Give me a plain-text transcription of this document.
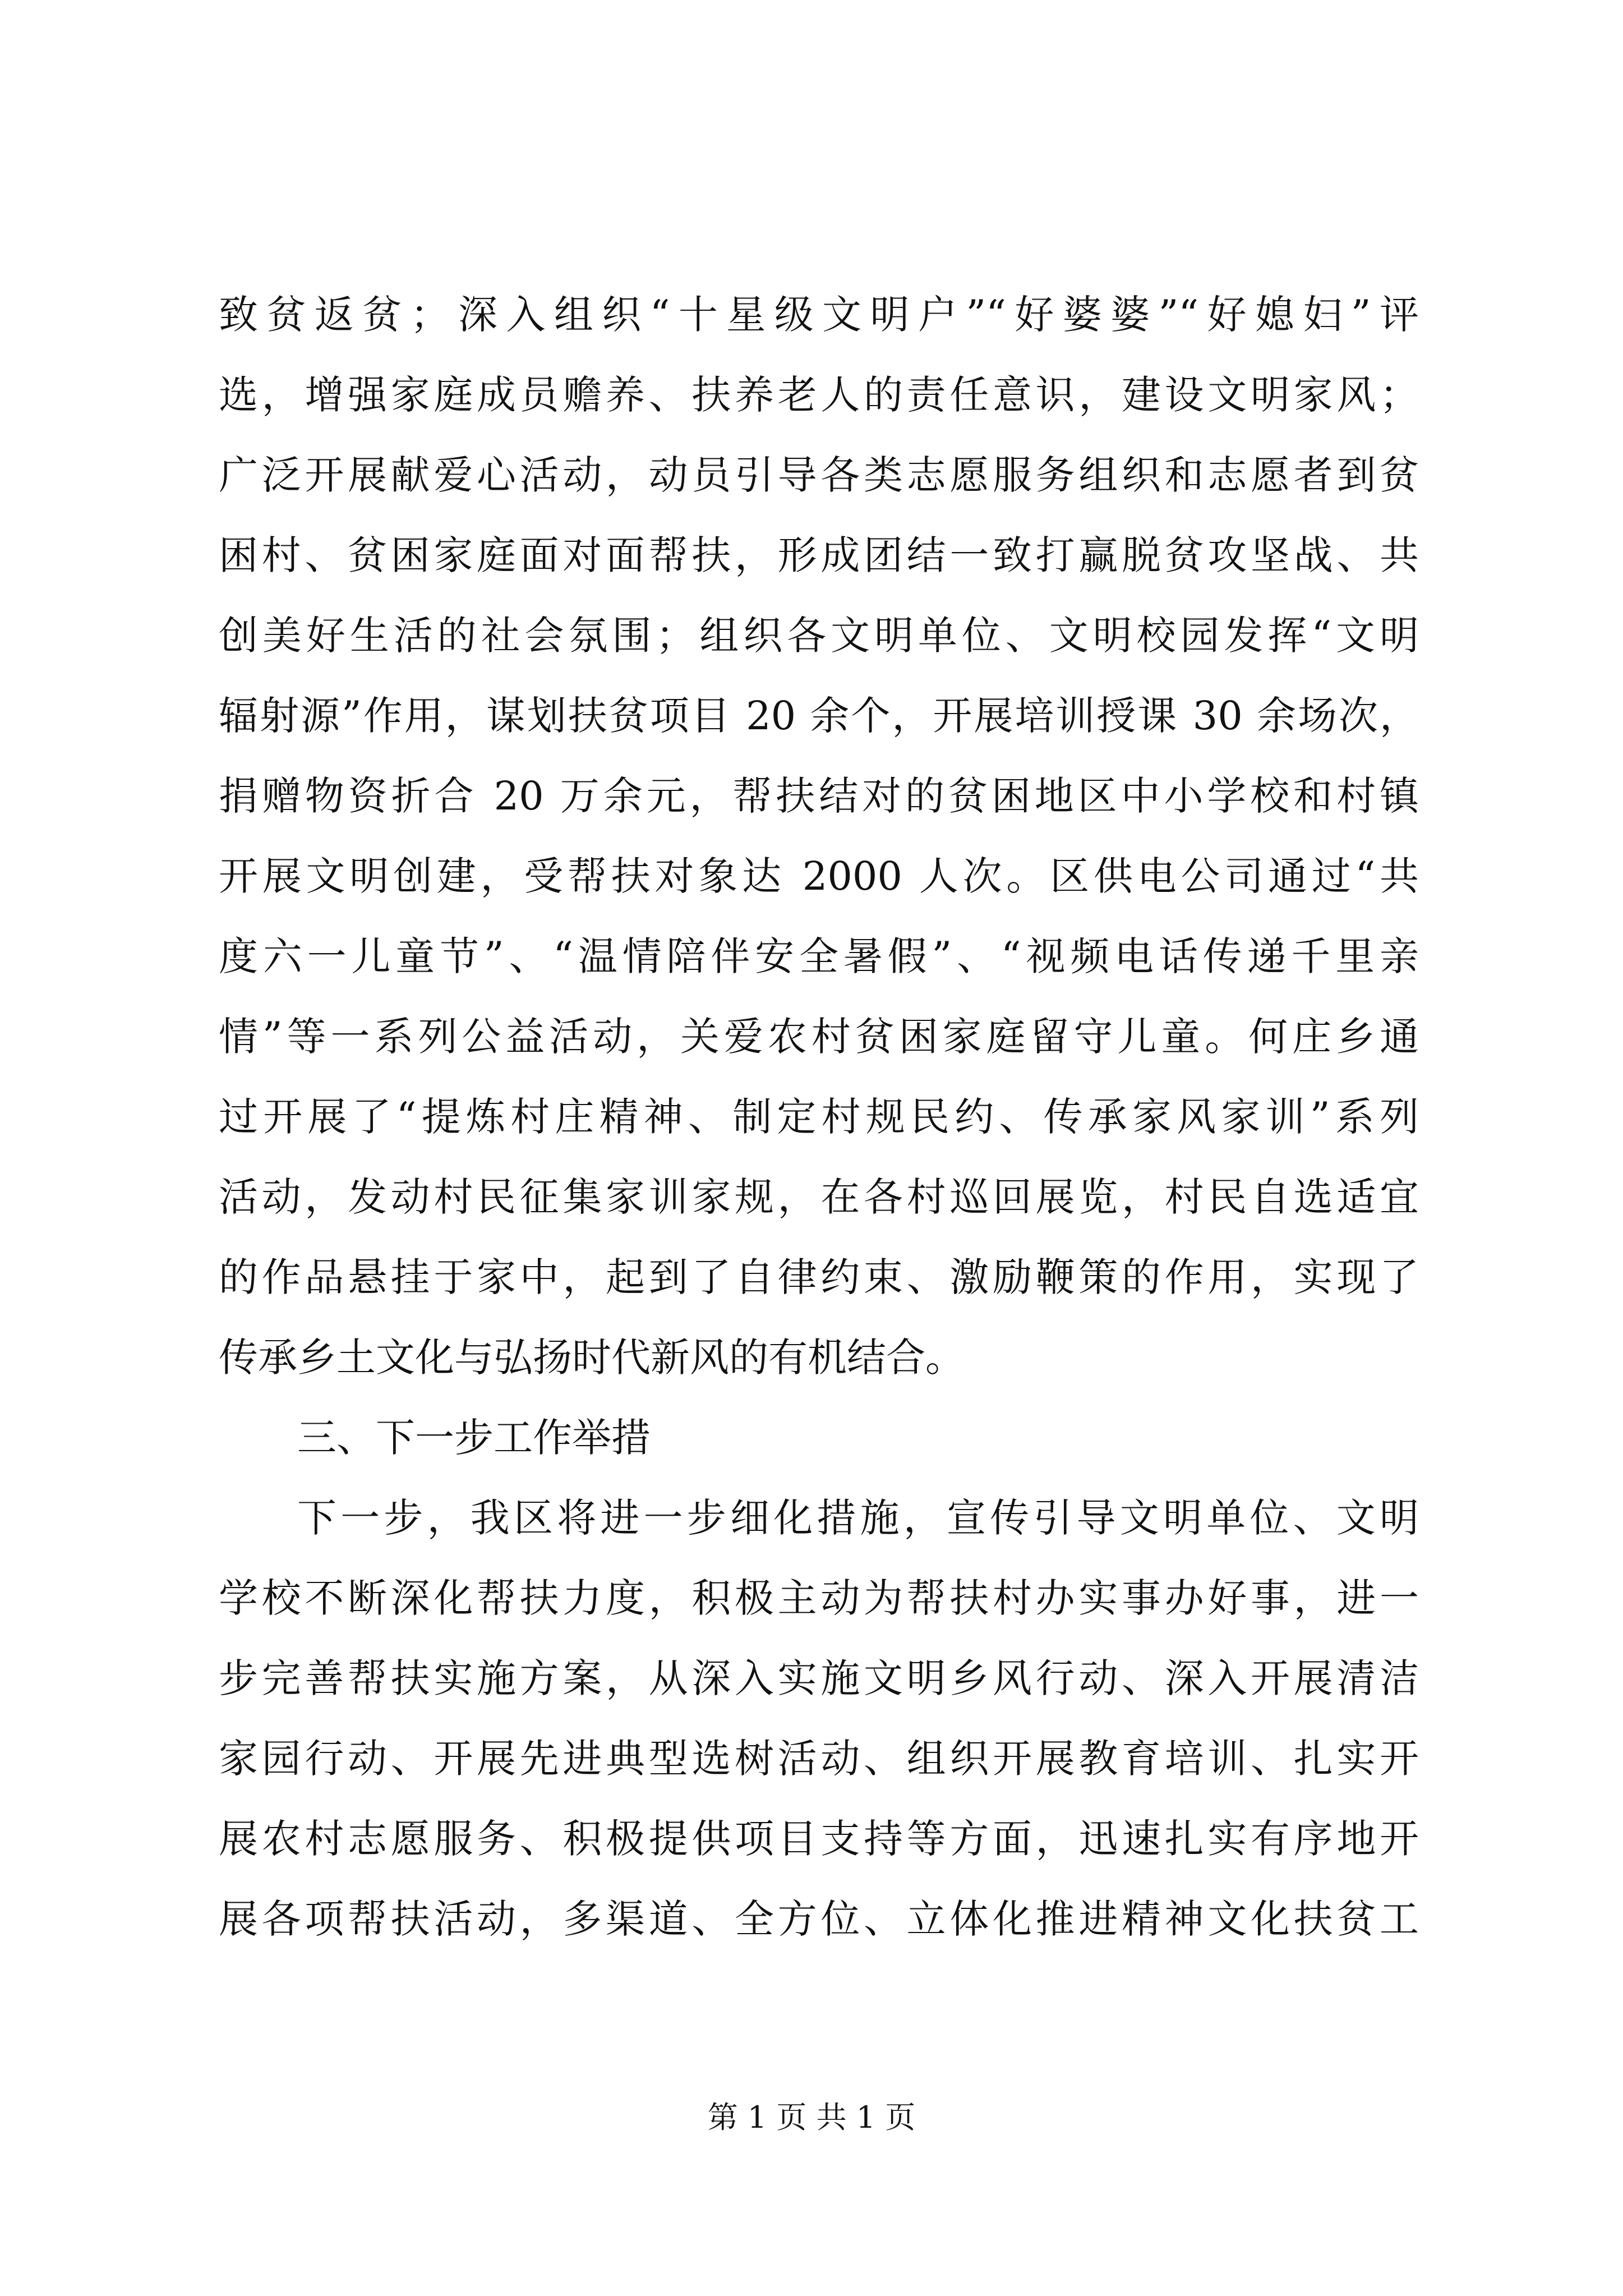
致贫返贫；深入组织“十星级文明户”“好婆婆”“好媳妇”评
选，增强家庭成员赡养、扶养老人的责任意识，建设文明家风；
广泛开展献爱心活动，动员引导各类志愿服务组织和志愿者到贫
困村、贫困家庭面对面帮扶，形成团结一致打赢脱贫攻坚战、共
创美好生活的社会氛围；组织各文明单位、文明校园发挥“文明
辐射源”作用，谋划扶贫项目 20 余个，开展培训授课 30 余场次，
捐赠物资折合 20 万余元，帮扶结对的贫困地区中小学校和村镇
开展文明创建，受帮扶对象达 2000 人次。区供电公司通过“共
度六一儿童节”、“温情陪伴安全暑假”、“视频电话传递千里亲
情”等一系列公益活动，关爱农村贫困家庭留守儿童。何庄乡通
过开展了“提炼村庄精神、制定村规民约、传承家风家训”系列
活动，发动村民征集家训家规，在各村巡回展览，村民自选适宜
的作品悬挂于家中，起到了自律约束、激励鞭策的作用，实现了
传承乡土文化与弘扬时代新风的有机结合。
三、下一步工作举措
下一步，我区将进一步细化措施，宣传引导文明单位、文明
学校不断深化帮扶力度，积极主动为帮扶村办实事办好事，进一
步完善帮扶实施方案，从深入实施文明乡风行动、深入开展清洁
家园行动、开展先进典型选树活动、组织开展教育培训、扎实开
展农村志愿服务、积极提供项目支持等方面，迅速扎实有序地开
展各项帮扶活动，多渠道、全方位、立体化推进精神文化扶贫工
第 1 页 共 1 页
